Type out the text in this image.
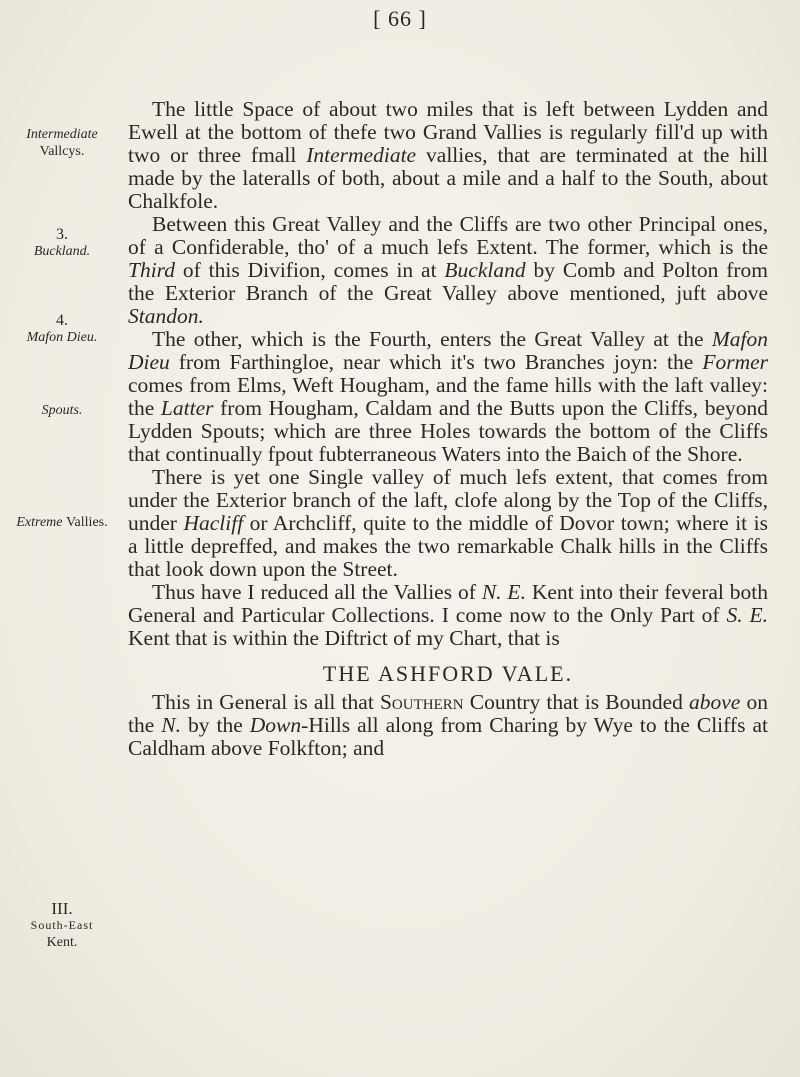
[ 66 ]
Intermediate
Vallcys.
3.
Buckland.
4.
Mafon Dieu.
Spouts.
Extreme Vallies.
III.
South-East
Kent.

The little Space of about two miles that is left between Lydden and Ewell at the bottom of thefe two Grand Vallies is regularly fill'd up with two or three fmall Intermediate vallies, that are terminated at the hill made by the lateralls of both, about a mile and a half to the South, about Chalkfole.

Between this Great Valley and the Cliffs are two other Principal ones, of a Confiderable, tho' of a much lefs Extent. The former, which is the Third of this Divifion, comes in at Buckland by Comb and Polton from the Exterior Branch of the Great Valley above mentioned, juft above Standon.

The other, which is the Fourth, enters the Great Valley at the Mafon Dieu from Farthingloe, near which it's two Branches joyn: the Former comes from Elms, Weft Hougham, and the fame hills with the laft valley: the Latter from Hougham, Caldam and the Butts upon the Cliffs, beyond Lydden Spouts; which are three Holes towards the bottom of the Cliffs that continually fpout fubterraneous Waters into the Baich of the Shore.

There is yet one Single valley of much lefs extent, that comes from under the Exterior branch of the laft, clofe along by the Top of the Cliffs, under Hacliff or Archcliff, quite to the middle of Dovor town; where it is a little depreffed, and makes the two remarkable Chalk hills in the Cliffs that look down upon the Street.

Thus have I reduced all the Vallies of N. E. Kent into their feveral both General and Particular Collections. I come now to the Only Part of S. E. Kent that is within the Diftrict of my Chart, that is

THE ASHFORD VALE.

This in General is all that Southern Country that is Bounded above on the N. by the Down-Hills all along from Charing by Wye to the Cliffs at Caldham above Folkfton; and
